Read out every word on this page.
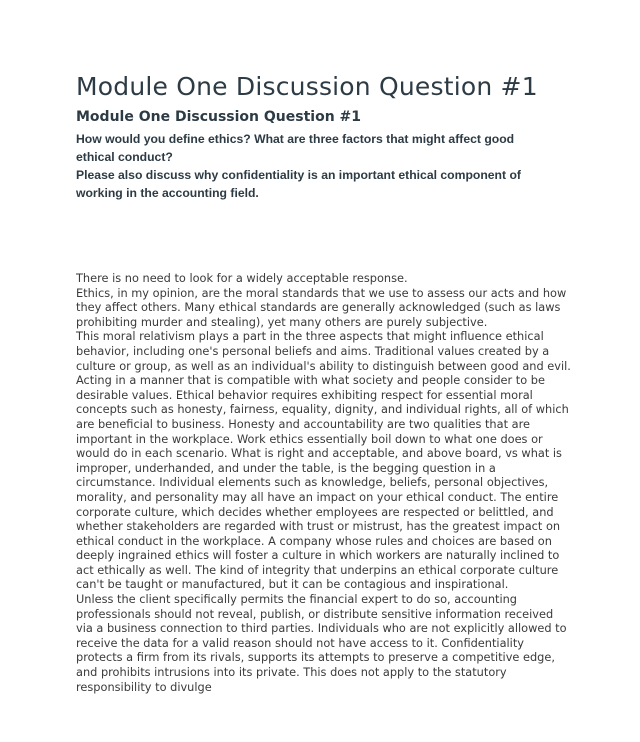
Module One Discussion Question #1
Module One Discussion Question #1

How would you define ethics? What are three factors that might affect good ethical conduct?

Please also discuss why confidentiality is an important ethical component of working in the accounting field.

There is no need to look for a widely acceptable response.

Ethics, in my opinion, are the moral standards that we use to assess our acts and how they affect others. Many ethical standards are generally acknowledged (such as laws prohibiting murder and stealing), yet many others are purely subjective.

This moral relativism plays a part in the three aspects that might influence ethical behavior, including one's personal beliefs and aims. Traditional values created by a culture or group, as well as an individual's ability to distinguish between good and evil. Acting in a manner that is compatible with what society and people consider to be desirable values. Ethical behavior requires exhibiting respect for essential moral concepts such as honesty, fairness, equality, dignity, and individual rights, all of which are beneficial to business. Honesty and accountability are two qualities that are important in the workplace. Work ethics essentially boil down to what one does or would do in each scenario. What is right and acceptable, and above board, vs what is improper, underhanded, and under the table, is the begging question in a circumstance. Individual elements such as knowledge, beliefs, personal objectives, morality, and personality may all have an impact on your ethical conduct. The entire corporate culture, which decides whether employees are respected or belittled, and whether stakeholders are regarded with trust or mistrust, has the greatest impact on ethical conduct in the workplace. A company whose rules and choices are based on deeply ingrained ethics will foster a culture in which workers are naturally inclined to act ethically as well. The kind of integrity that underpins an ethical corporate culture can't be taught or manufactured, but it can be contagious and inspirational.

Unless the client specifically permits the financial expert to do so, accounting professionals should not reveal, publish, or distribute sensitive information received via a business connection to third parties. Individuals who are not explicitly allowed to receive the data for a valid reason should not have access to it. Confidentiality protects a firm from its rivals, supports its attempts to preserve a competitive edge, and prohibits intrusions into its private. This does not apply to the statutory responsibility to divulge
